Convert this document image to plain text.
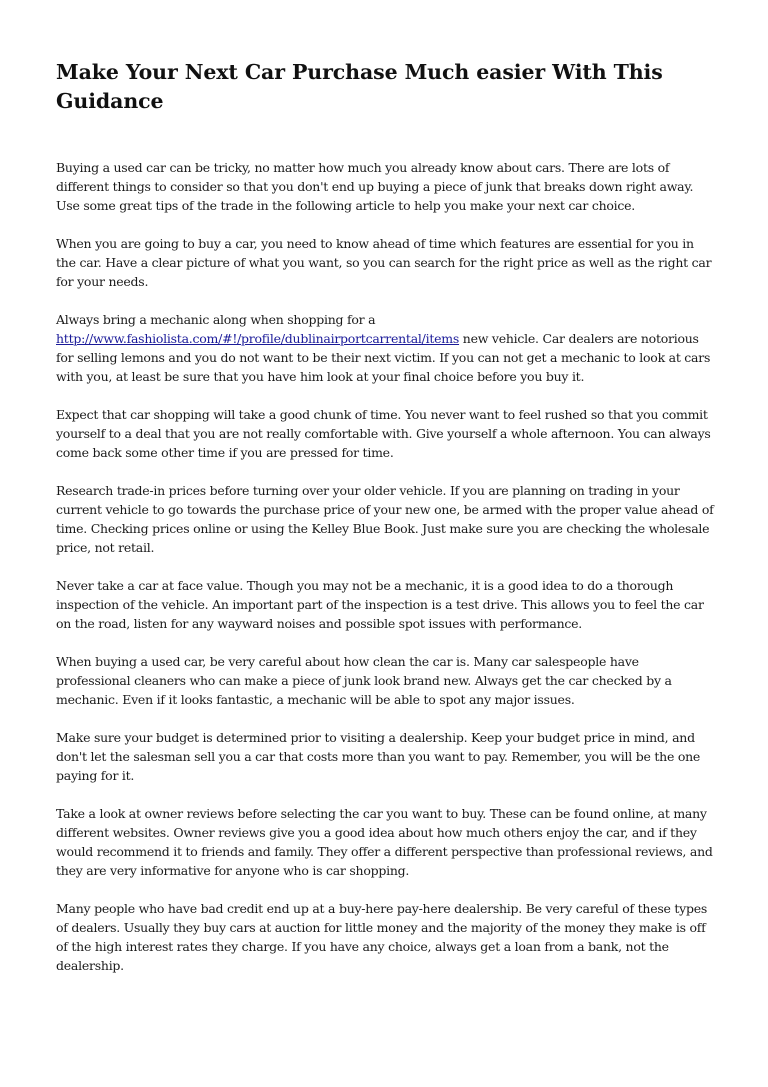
Make Your Next Car Purchase Much easier With This Guidance

Buying a used car can be tricky, no matter how much you already know about cars. There are lots of different things to consider so that you don't end up buying a piece of junk that breaks down right away. Use some great tips of the trade in the following article to help you make your next car choice.

When you are going to buy a car, you need to know ahead of time which features are essential for you in the car. Have a clear picture of what you want, so you can search for the right price as well as the right car for your needs.

Always bring a mechanic along when shopping for a http://www.fashiolista.com/#!/profile/dublinairportcarrental/items new vehicle. Car dealers are notorious for selling lemons and you do not want to be their next victim. If you can not get a mechanic to look at cars with you, at least be sure that you have him look at your final choice before you buy it.

Expect that car shopping will take a good chunk of time. You never want to feel rushed so that you commit yourself to a deal that you are not really comfortable with. Give yourself a whole afternoon. You can always come back some other time if you are pressed for time.

Research trade-in prices before turning over your older vehicle. If you are planning on trading in your current vehicle to go towards the purchase price of your new one, be armed with the proper value ahead of time. Checking prices online or using the Kelley Blue Book. Just make sure you are checking the wholesale price, not retail.

Never take a car at face value. Though you may not be a mechanic, it is a good idea to do a thorough inspection of the vehicle. An important part of the inspection is a test drive. This allows you to feel the car on the road, listen for any wayward noises and possible spot issues with performance.

When buying a used car, be very careful about how clean the car is. Many car salespeople have professional cleaners who can make a piece of junk look brand new. Always get the car checked by a mechanic. Even if it looks fantastic, a mechanic will be able to spot any major issues.

Make sure your budget is determined prior to visiting a dealership. Keep your budget price in mind, and don't let the salesman sell you a car that costs more than you want to pay. Remember, you will be the one paying for it.

Take a look at owner reviews before selecting the car you want to buy. These can be found online, at many different websites. Owner reviews give you a good idea about how much others enjoy the car, and if they would recommend it to friends and family. They offer a different perspective than professional reviews, and they are very informative for anyone who is car shopping.

Many people who have bad credit end up at a buy-here pay-here dealership. Be very careful of these types of dealers. Usually they buy cars at auction for little money and the majority of the money they make is off of the high interest rates they charge. If you have any choice, always get a loan from a bank, not the dealership.
